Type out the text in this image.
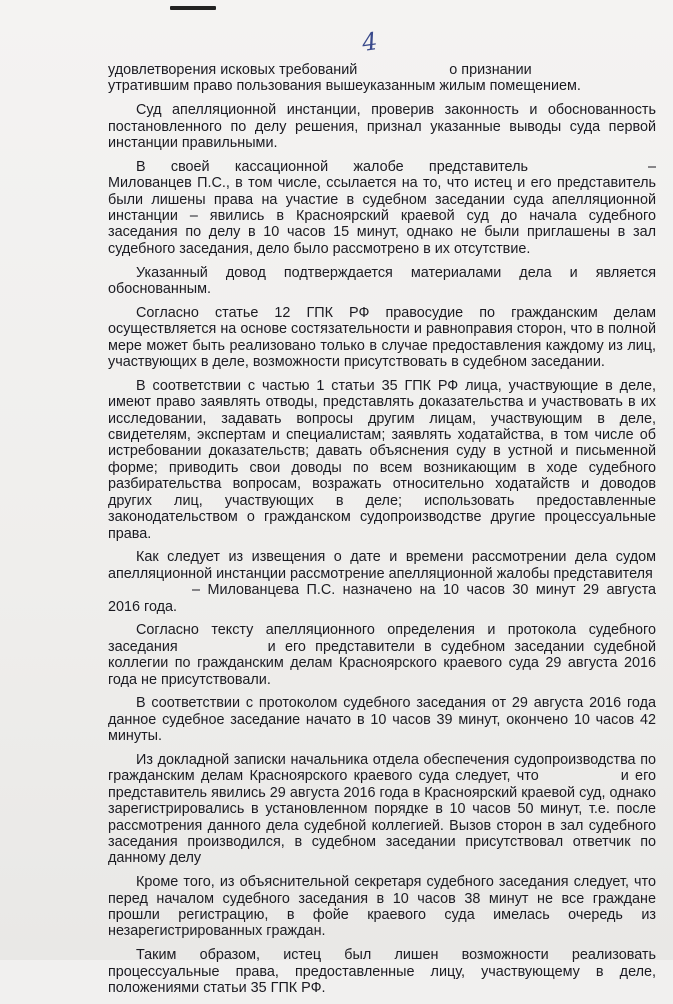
4

удовлетворения исковых требований	о признании
утратившим право пользования вышеуказанным жилым помещением.

Суд апелляционной инстанции, проверив законность и обоснованность постановленного по делу решения, признал указанные выводы суда первой инстанции правильными.

В своей кассационной жалобе представитель	– Милованцев П.С., в том числе, ссылается на то, что истец и его представитель были лишены права на участие в судебном заседании суда апелляционной инстанции – явились в Красноярский краевой суд до начала судебного заседания по делу в 10 часов 15 минут, однако не были приглашены в зал судебного заседания, дело было рассмотрено в их отсутствие.

Указанный довод подтверждается материалами дела и является обоснованным.

Согласно статье 12 ГПК РФ правосудие по гражданским делам осуществляется на основе состязательности и равноправия сторон, что в полной мере может быть реализовано только в случае предоставления каждому из лиц, участвующих в деле, возможности присутствовать в судебном заседании.

В соответствии с частью 1 статьи 35 ГПК РФ лица, участвующие в деле, имеют право заявлять отводы, представлять доказательства и участвовать в их исследовании, задавать вопросы другим лицам, участвующим в деле, свидетелям, экспертам и специалистам; заявлять ходатайства, в том числе об истребовании доказательств; давать объяснения суду в устной и письменной форме; приводить свои доводы по всем возникающим в ходе судебного разбирательства вопросам, возражать относительно ходатайств и доводов других лиц, участвующих в деле; использовать предоставленные законодательством о гражданском судопроизводстве другие процессуальные права.

Как следует из извещения о дате и времени рассмотрении дела судом апелляционной инстанции рассмотрение апелляционной жалобы представителя
– Милованцева П.С. назначено на 10 часов 30 минут 29 августа 2016 года.

Согласно тексту апелляционного определения и протокола судебного заседания	и его представители в судебном заседании судебной коллегии по гражданским делам Красноярского краевого суда 29 августа 2016 года не присутствовали.

В соответствии с протоколом судебного заседания от 29 августа 2016 года данное судебное заседание начато в 10 часов 39 минут, окончено 10 часов 42 минуты.

Из докладной записки начальника отдела обеспечения судопроизводства по гражданским делам Красноярского краевого суда следует, что	и его представитель явились 29 августа 2016 года в Красноярский краевой суд, однако зарегистрировались в установленном порядке в 10 часов 50 минут, т.е. после рассмотрения данного дела судебной коллегией. Вызов сторон в зал судебного заседания производился, в судебном заседании присутствовал ответчик по данному делу

Кроме того, из объяснительной секретаря судебного заседания следует, что перед началом судебного заседания в 10 часов 38 минут не все граждане прошли регистрацию, в фойе краевого суда имелась очередь из незарегистрированных граждан.

Таким образом, истец был лишен возможности реализовать процессуальные права, предоставленные лицу, участвующему в деле, положениями статьи 35 ГПК РФ.
